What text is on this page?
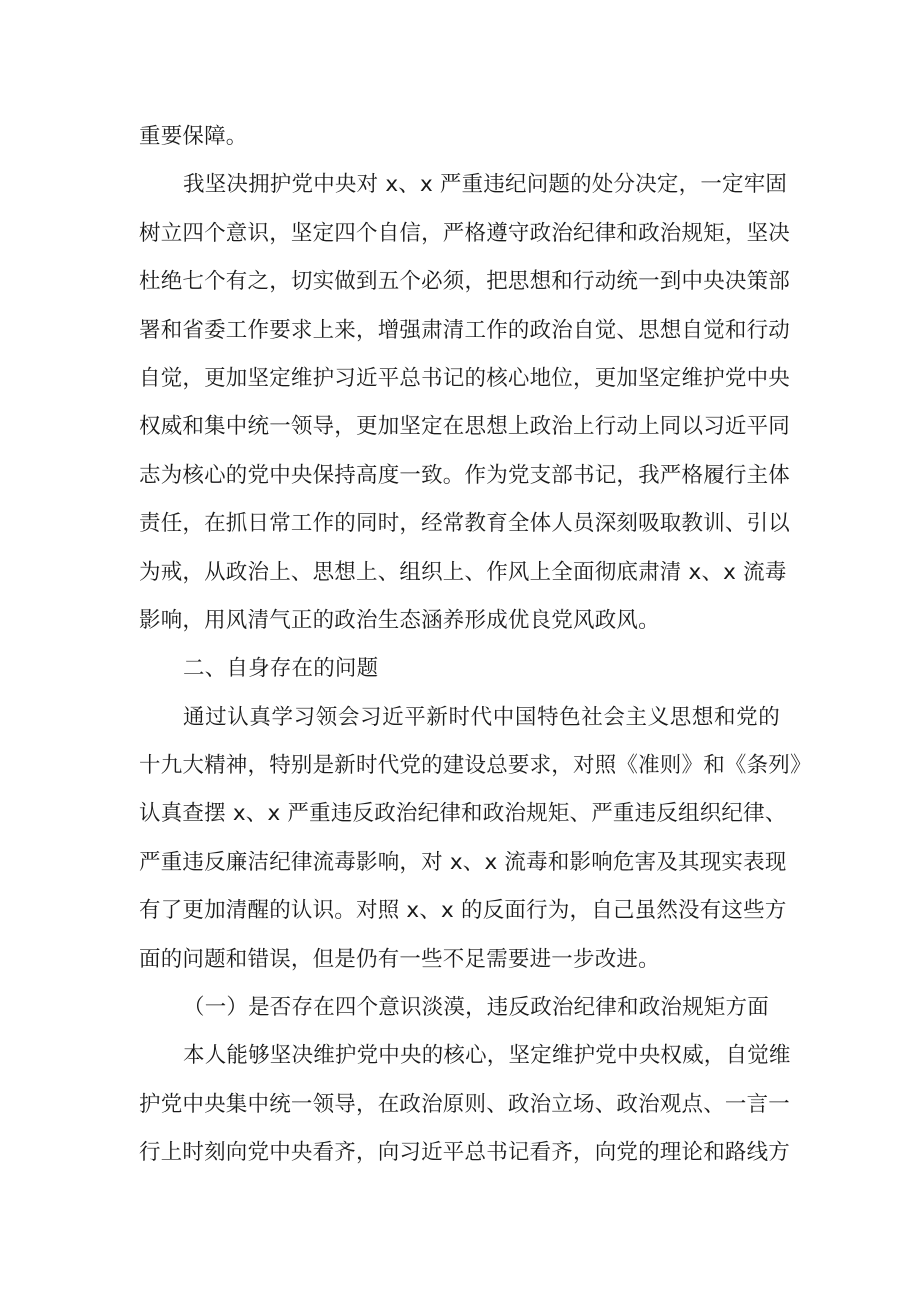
重要保障。
我坚决拥护党中央对 x、x 严重违纪问题的处分决定，一定牢固
树立四个意识，坚定四个自信，严格遵守政治纪律和政治规矩，坚决
杜绝七个有之，切实做到五个必须，把思想和行动统一到中央决策部
署和省委工作要求上来，增强肃清工作的政治自觉、思想自觉和行动
自觉，更加坚定维护习近平总书记的核心地位，更加坚定维护党中央
权威和集中统一领导，更加坚定在思想上政治上行动上同以习近平同
志为核心的党中央保持高度一致。作为党支部书记，我严格履行主体
责任，在抓日常工作的同时，经常教育全体人员深刻吸取教训、引以
为戒，从政治上、思想上、组织上、作风上全面彻底肃清 x、x 流毒
影响，用风清气正的政治生态涵养形成优良党风政风。
二、自身存在的问题
通过认真学习领会习近平新时代中国特色社会主义思想和党的
十九大精神，特别是新时代党的建设总要求，对照《准则》和《条列》
认真查摆 x、x 严重违反政治纪律和政治规矩、严重违反组织纪律、
严重违反廉洁纪律流毒影响，对 x、x 流毒和影响危害及其现实表现
有了更加清醒的认识。对照 x、x 的反面行为，自己虽然没有这些方
面的问题和错误，但是仍有一些不足需要进一步改进。
（一）是否存在四个意识淡漠，违反政治纪律和政治规矩方面
本人能够坚决维护党中央的核心，坚定维护党中央权威，自觉维
护党中央集中统一领导，在政治原则、政治立场、政治观点、一言一
行上时刻向党中央看齐，向习近平总书记看齐，向党的理论和路线方
